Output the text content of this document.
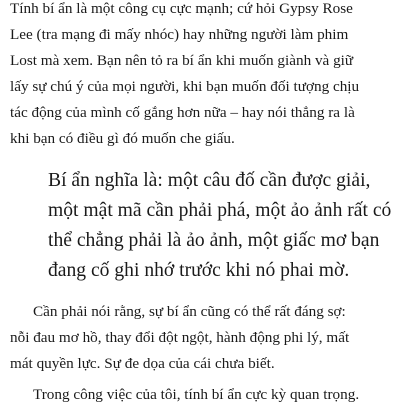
Tính bí ẩn là một công cụ cực mạnh; cứ hỏi Gypsy Rose
Lee (tra mạng đi mấy nhóc) hay những người làm phim
Lost mà xem. Bạn nên tỏ ra bí ẩn khi muốn giành và giữ
lấy sự chú ý của mọi người, khi bạn muốn đối tượng chịu
tác động của mình cố gắng hơn nữa – hay nói thẳng ra là
khi bạn có điều gì đó muốn che giấu.
Bí ẩn nghĩa là: một câu đố cần được giải,
một mật mã cần phải phá, một ảo ảnh rất có
thể chẳng phải là ảo ảnh, một giấc mơ bạn
đang cố ghi nhớ trước khi nó phai mờ.
Cần phải nói rằng, sự bí ẩn cũng có thể rất đáng sợ:
nỗi đau mơ hồ, thay đổi đột ngột, hành động phi lý, mất
mát quyền lực. Sự đe dọa của cái chưa biết.
Trong công việc của tôi, tính bí ẩn cực kỳ quan trọng.
